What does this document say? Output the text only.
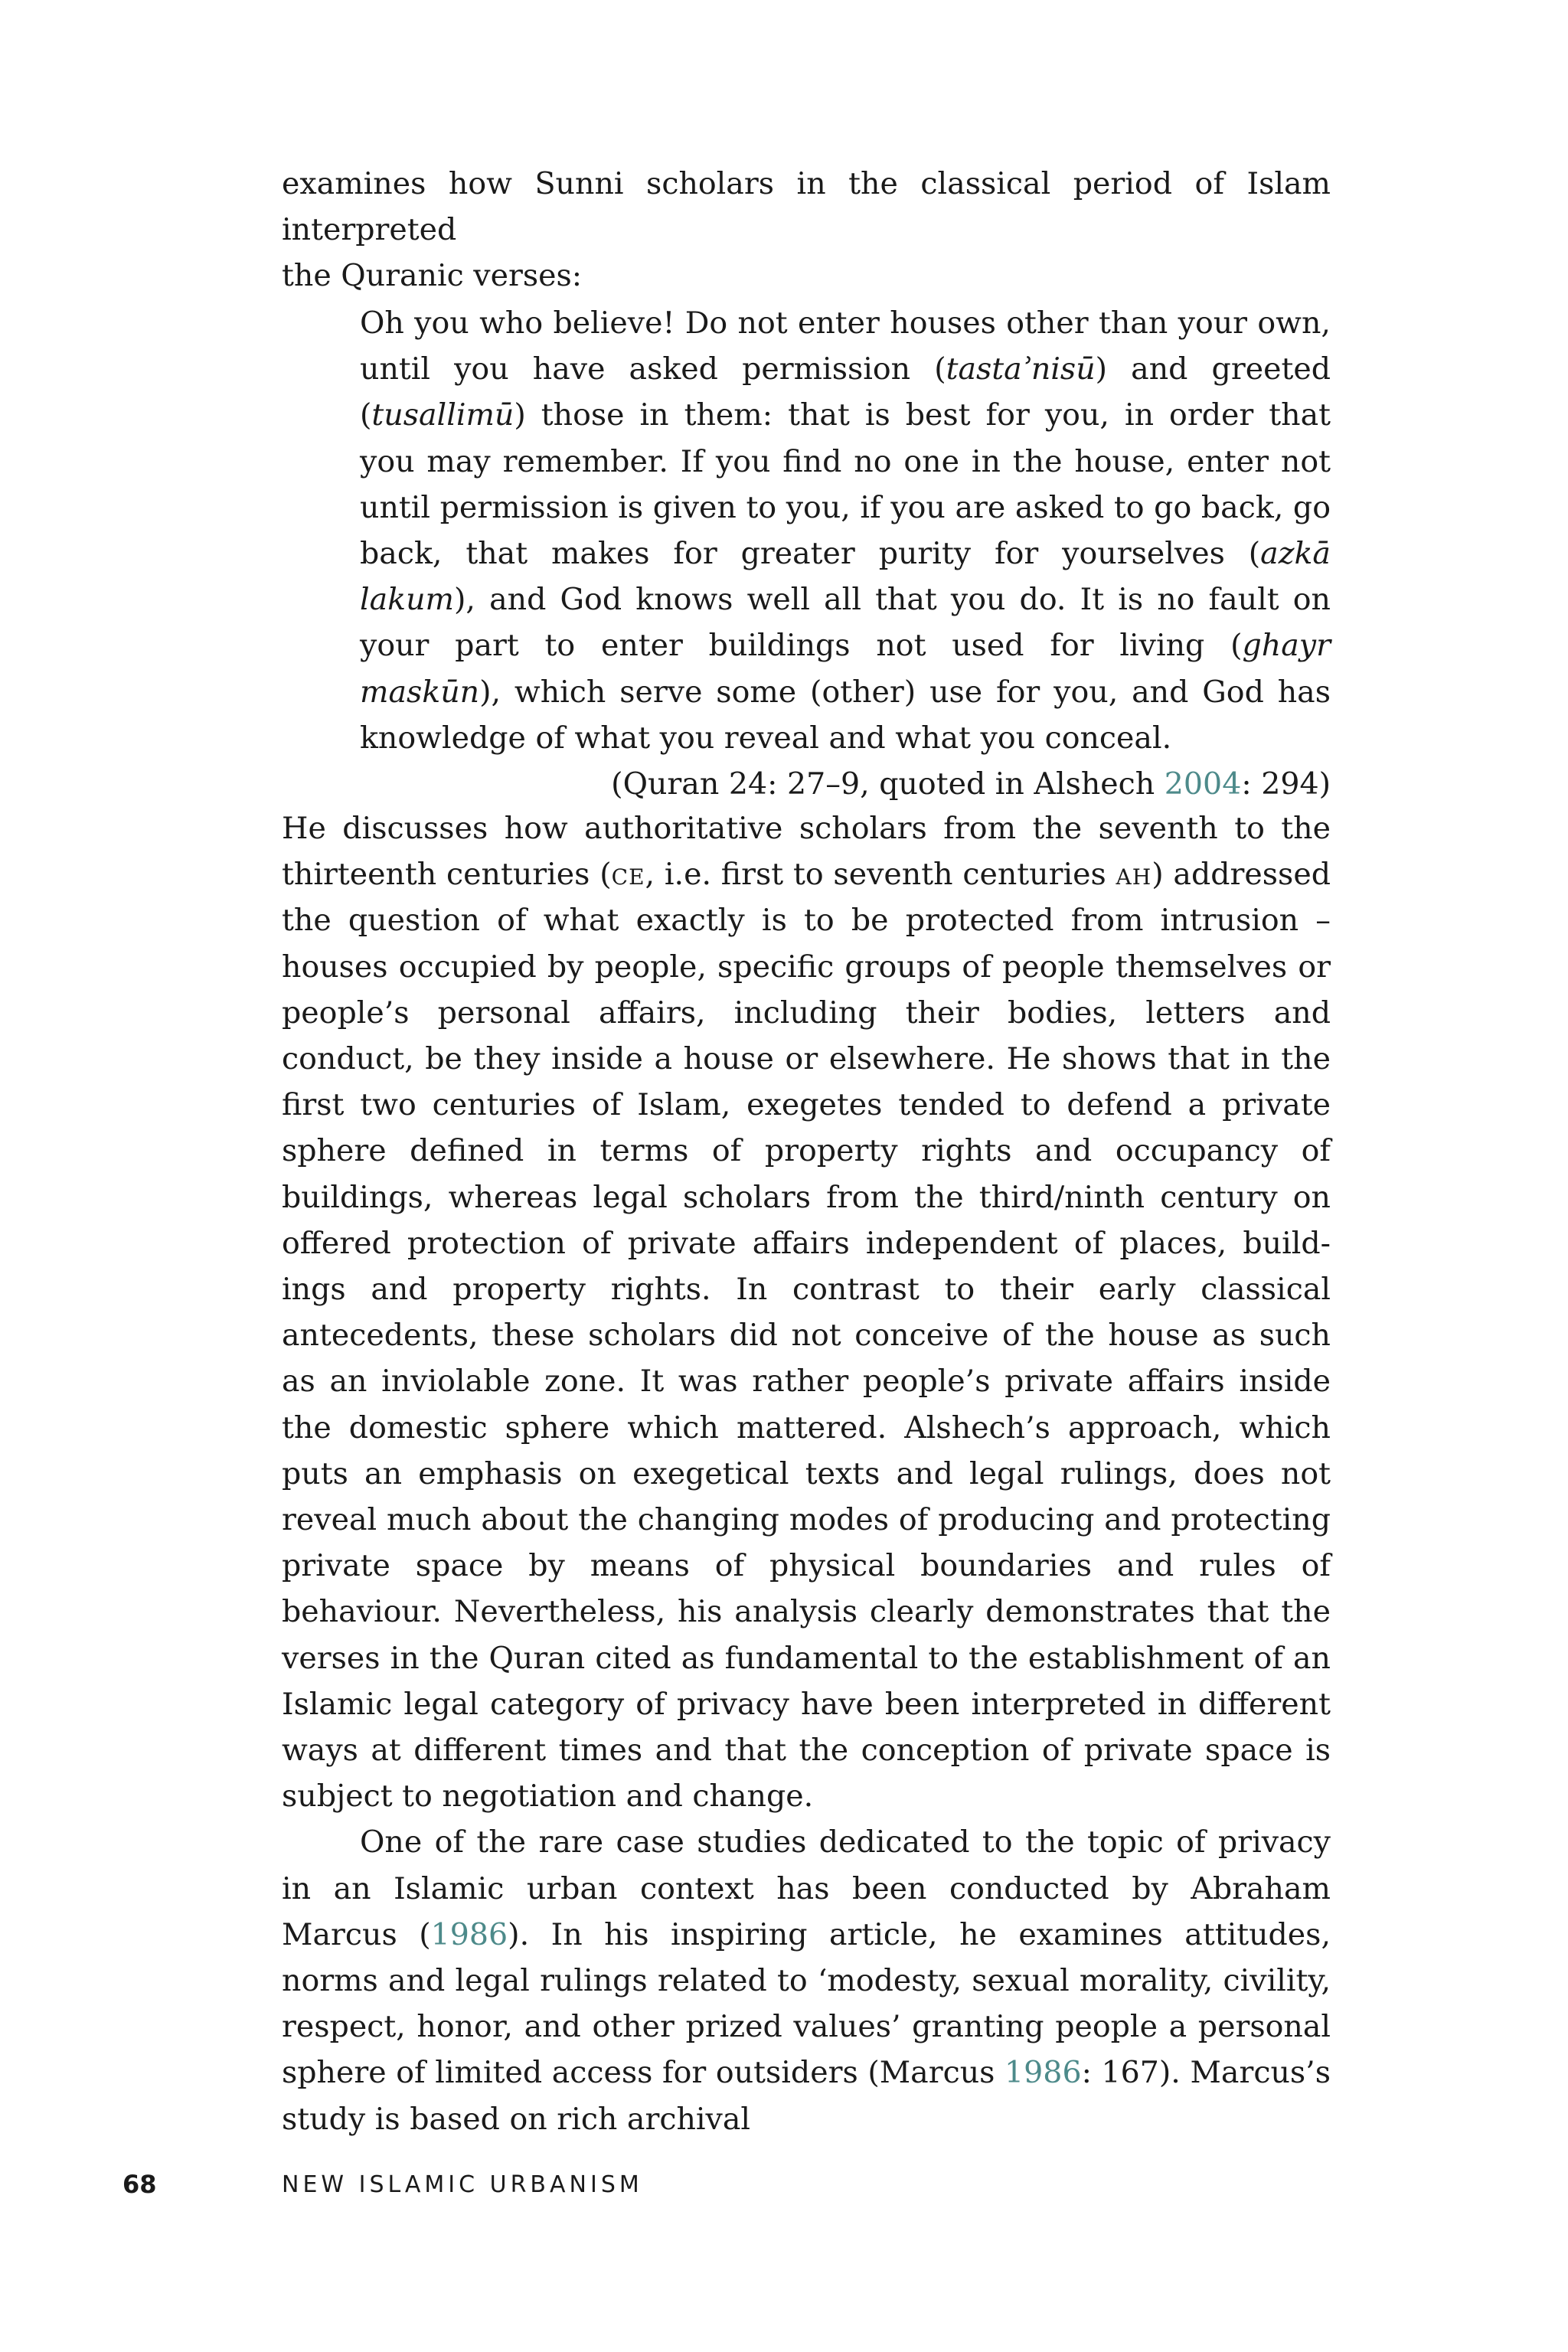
examines how Sunni scholars in the classical period of Islam interpreted

the Quranic verses:

Oh you who believe! Do not enter houses other than your own, until you have asked permission (tastaʾnisū) and greeted (tusallimū) those in them: that is best for you, in order that you may remember. If you find no one in the house, enter not until permission is given to you, if you are asked to go back, go back, that makes for greater purity for yourselves (azkā lakum), and God knows well all that you do. It is no fault on your part to enter buildings not used for living (ghayr maskūn), which serve some (other) use for you, and God has knowledge of what you reveal and what you conceal.

(Quran 24: 27–9, quoted in Alshech 2004: 294)

He discusses how authoritative scholars from the seventh to the thirteenth centuries (ce, i.e. first to seventh centuries ah) addressed the question of what exactly is to be protected from intrusion – houses occupied by people, specific groups of people themselves or people’s personal affairs, including their bodies, letters and conduct, be they inside a house or elsewhere. He shows that in the first two centuries of Islam, exegetes tended to defend a private sphere defined in terms of property rights and occupancy of buildings, whereas legal scholars from the third/ninth century on offered protection of private affairs independent of places, buildings and property rights. In contrast to their early classical antecedents, these scholars did not conceive of the house as such as an inviolable zone. It was rather people’s private affairs inside the domestic sphere which mattered. Alshech’s approach, which puts an emphasis on exegetical texts and legal rulings, does not reveal much about the changing modes of producing and protecting private space by means of physical boundaries and rules of behaviour. Nevertheless, his analysis clearly demonstrates that the verses in the Quran cited as fundamental to the establishment of an Islamic legal category of privacy have been interpreted in different ways at different times and that the conception of private space is subject to negotiation and change.

One of the rare case studies dedicated to the topic of privacy in an Islamic urban context has been conducted by Abraham Marcus (1986). In his inspiring article, he examines attitudes, norms and legal rulings related to ‘modesty, sexual morality, civility, respect, honor, and other prized values’ granting people a personal sphere of limited access for outsiders (Marcus 1986: 167). Marcus’s study is based on rich archival

68	NEW ISLAMIC URBANISM
